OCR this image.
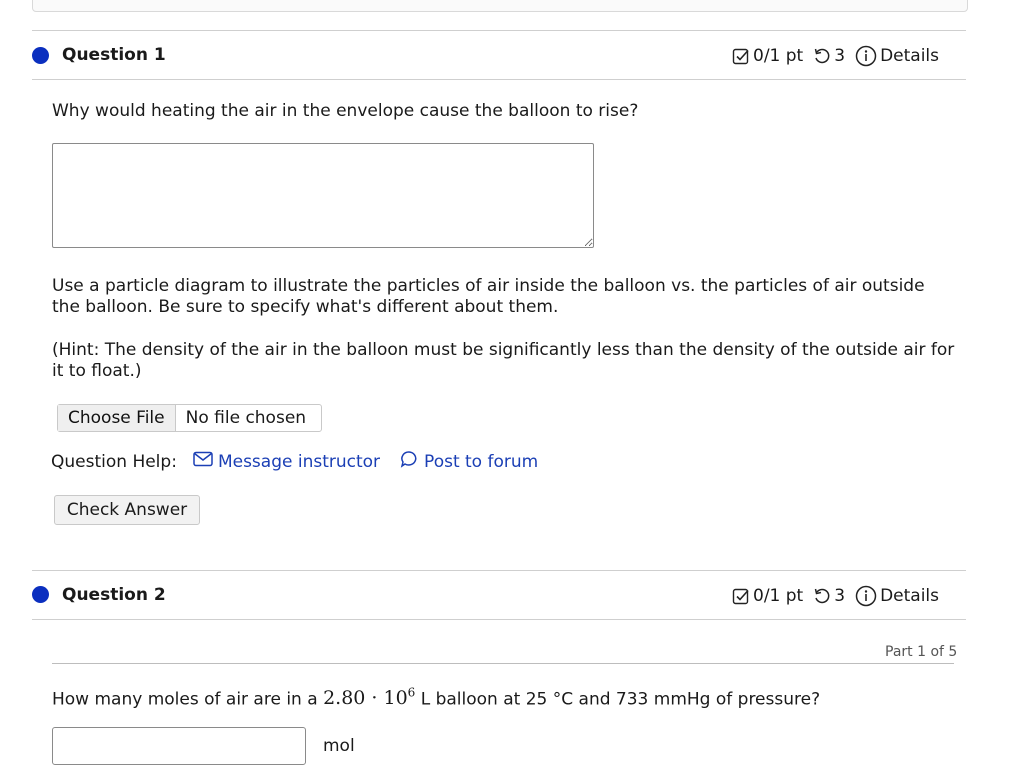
Question 1	0/1 pt 3 Details
Why would heating the air in the envelope cause the balloon to rise?
Use a particle diagram to illustrate the particles of air inside the balloon vs. the particles of air outside the balloon. Be sure to specify what's different about them.
(Hint: The density of the air in the balloon must be significantly less than the density of the outside air for it to float.)
Choose File	No file chosen
Question Help: Message instructor	Post to forum
Check Answer
Question 2	0/1 pt 3 Details
Part 1 of 5
How many moles of air are in a $2.80 \cdot 10^6$ L balloon at 25 °C and 733 mmHg of pressure?
mol
